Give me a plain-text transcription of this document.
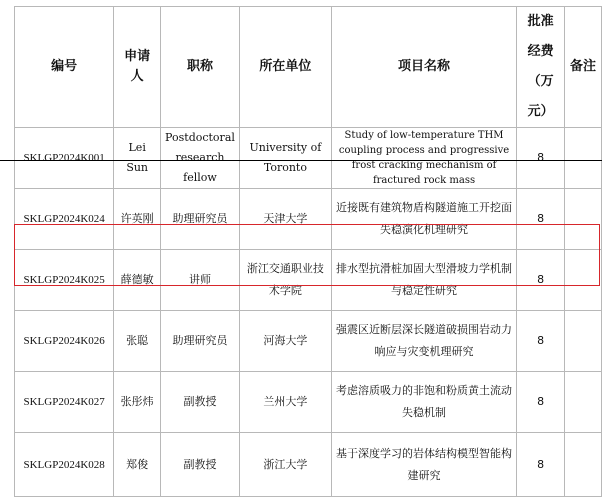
编号	申请人	职称	所在单位	项目名称	批准经费（万元）	备注
SKLGP2024K001	Lei Sun	Postdoctoral research fellow	University of Toronto	Study of low-temperature THM coupling process and progressive frost cracking mechanism of fractured rock mass	8	
SKLGP2024K024	许英刚	助理研究员	天津大学	近接既有建筑物盾构隧道施工开挖面失稳演化机理研究	8	
SKLGP2024K025	薛德敏	讲师	浙江交通职业技术学院	排水型抗滑桩加固大型滑坡力学机制与稳定性研究	8	
SKLGP2024K026	张聪	助理研究员	河海大学	强震区近断层深长隧道破损围岩动力响应与灾变机理研究	8	
SKLGP2024K027	张彤炜	副教授	兰州大学	考虑溶质吸力的非饱和粉质黄土流动失稳机制	8	
SKLGP2024K028	郑俊	副教授	浙江大学	基于深度学习的岩体结构模型智能构建研究	8	
